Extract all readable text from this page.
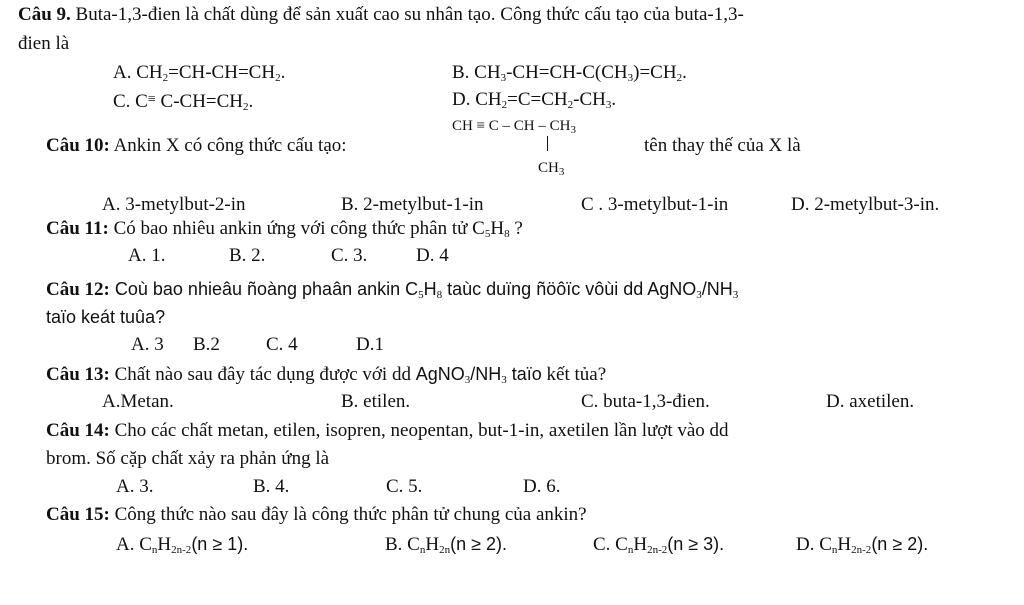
Câu 9. Buta-1,3-đien là chất dùng để sản xuất cao su nhân tạo. Công thức cấu tạo của buta-1,3-
đien là
A. $CH_2=CH-CH=CH_2$.	B. $CH_3-CH=CH-C(CH_3)=CH_2$.
C. C≡ $C-CH=CH_2$.	D. $CH_2=C=CH_2-CH_3$.
Câu 10: Ankin X có công thức cấu tạo:
CH ≡ C – CH – $CH_3$
$CH_3$
tên thay thế của X là
A. 3-metylbut-2-in	B. 2-metylbut-1-in	C . 3-metylbut-1-in	D. 2-metylbut-3-in.
Câu 11: Có bao nhiêu ankin ứng với công thức phân tử $C_5H_8$ ?
A. 1.	B. 2.	C. 3.	D. 4
Câu 12: Coù bao nhieâu ñoàng phaân ankin $C_5H_8$ taùc duïng ñöôïc vôùi dd $AgNO_3/NH_3$
taïo keát tuûa?
A. 3 B.2 C. 4	D.1
Câu 13: Chất nào sau đây tác dụng được với dd $AgNO_3/NH_3$ taïo kết tủa?
A.Metan.	B. etilen.	C. buta-1,3-đien.	D. axetilen.
Câu 14: Cho các chất metan, etilen, isopren, neopentan, but-1-in, axetilen lần lượt vào dd
brom. Số cặp chất xảy ra phản ứng là
A. 3.	B. 4.	C. 5.	D. 6.
Câu 15: Công thức nào sau đây là công thức phân tử chung của ankin?
A. $C_nH_{2n-2}(n \ge 1)$.	B. $C_nH_{2n}(n \ge 2)$.	C. $C_nH_{2n-2}(n \ge 3)$.	D. $C_nH_{2n-2}(n \ge 2)$.
